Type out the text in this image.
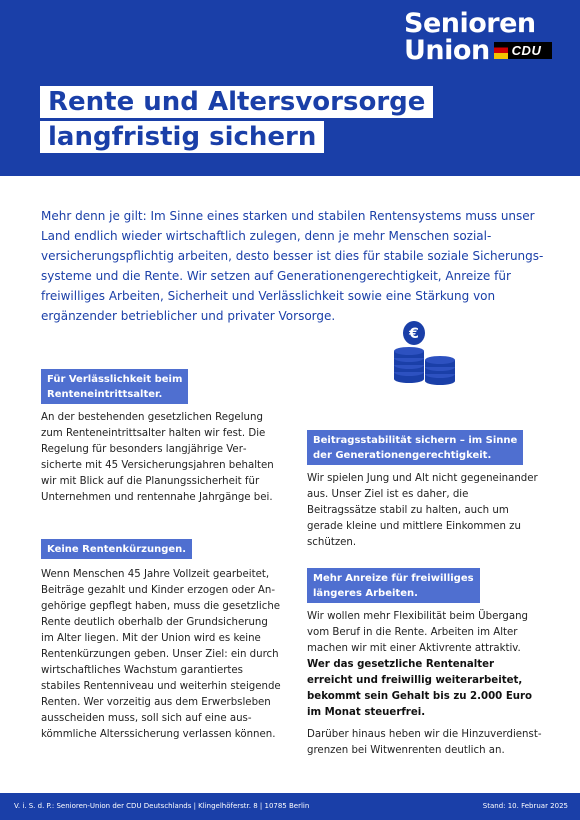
Senioren
Union CDU
Rente und Altersvorsorge
langfristig sichern

Mehr denn je gilt: Im Sinne eines starken und stabilen Rentensystems muss unser Land endlich wieder wirtschaftlich zulegen, denn je mehr Menschen sozialversicherungspflichtig arbeiten, desto besser ist dies für stabile soziale Sicherungssysteme und die Rente. Wir setzen auf Generationengerechtigkeit, Anreize für freiwilliges Arbeiten, Sicherheit und Verlässlichkeit sowie eine Stärkung von ergänzender betrieblicher und privater Vorsorge.

€
Für Verlässlichkeit beim
Renteneintrittsalter.

An der bestehenden gesetzlichen Regelung zum Renteneintrittsalter halten wir fest. Die Regelung für besonders langjährige Versicherte mit 45 Versicherungsjahren behalten wir mit Blick auf die Planungssicherheit für Unternehmen und rentennahe Jahrgänge bei.

Keine Rentenkürzungen.

Wenn Menschen 45 Jahre Vollzeit gearbeitet, Beiträge gezahlt und Kinder erzogen oder Angehörige gepflegt haben, muss die gesetzliche Rente deutlich oberhalb der Grundsicherung im Alter liegen. Mit der Union wird es keine Rentenkürzungen geben. Unser Ziel: ein durch wirtschaftliches Wachstum garantiertes stabiles Rentenniveau und weiterhin steigende Renten. Wer vorzeitig aus dem Erwerbsleben ausscheiden muss, soll sich auf eine auskömmliche Alterssicherung verlassen können.

Beitragsstabilität sichern – im Sinne
der Generationengerechtigkeit.

Wir spielen Jung und Alt nicht gegeneinander aus. Unser Ziel ist es daher, die Beitragssätze stabil zu halten, auch um gerade kleine und mittlere Einkommen zu schützen.

Mehr Anreize für freiwilliges
längeres Arbeiten.
Wir wollen mehr Flexibilität beim Übergang vom Beruf in die Rente. Arbeiten im Alter machen wir mit einer Aktivrente attraktiv. Wer das gesetzliche Rentenalter erreicht und freiwillig weiterarbeitet, bekommt sein Gehalt bis zu 2.000 Euro im Monat steuerfrei.
Darüber hinaus heben wir die Hinzuverdienstgrenzen bei Witwenrenten deutlich an.
V. i. S. d. P.: Senioren-Union der CDU Deutschlands | Klingelhöferstr. 8 | 10785 Berlin	Stand: 10. Februar 2025
